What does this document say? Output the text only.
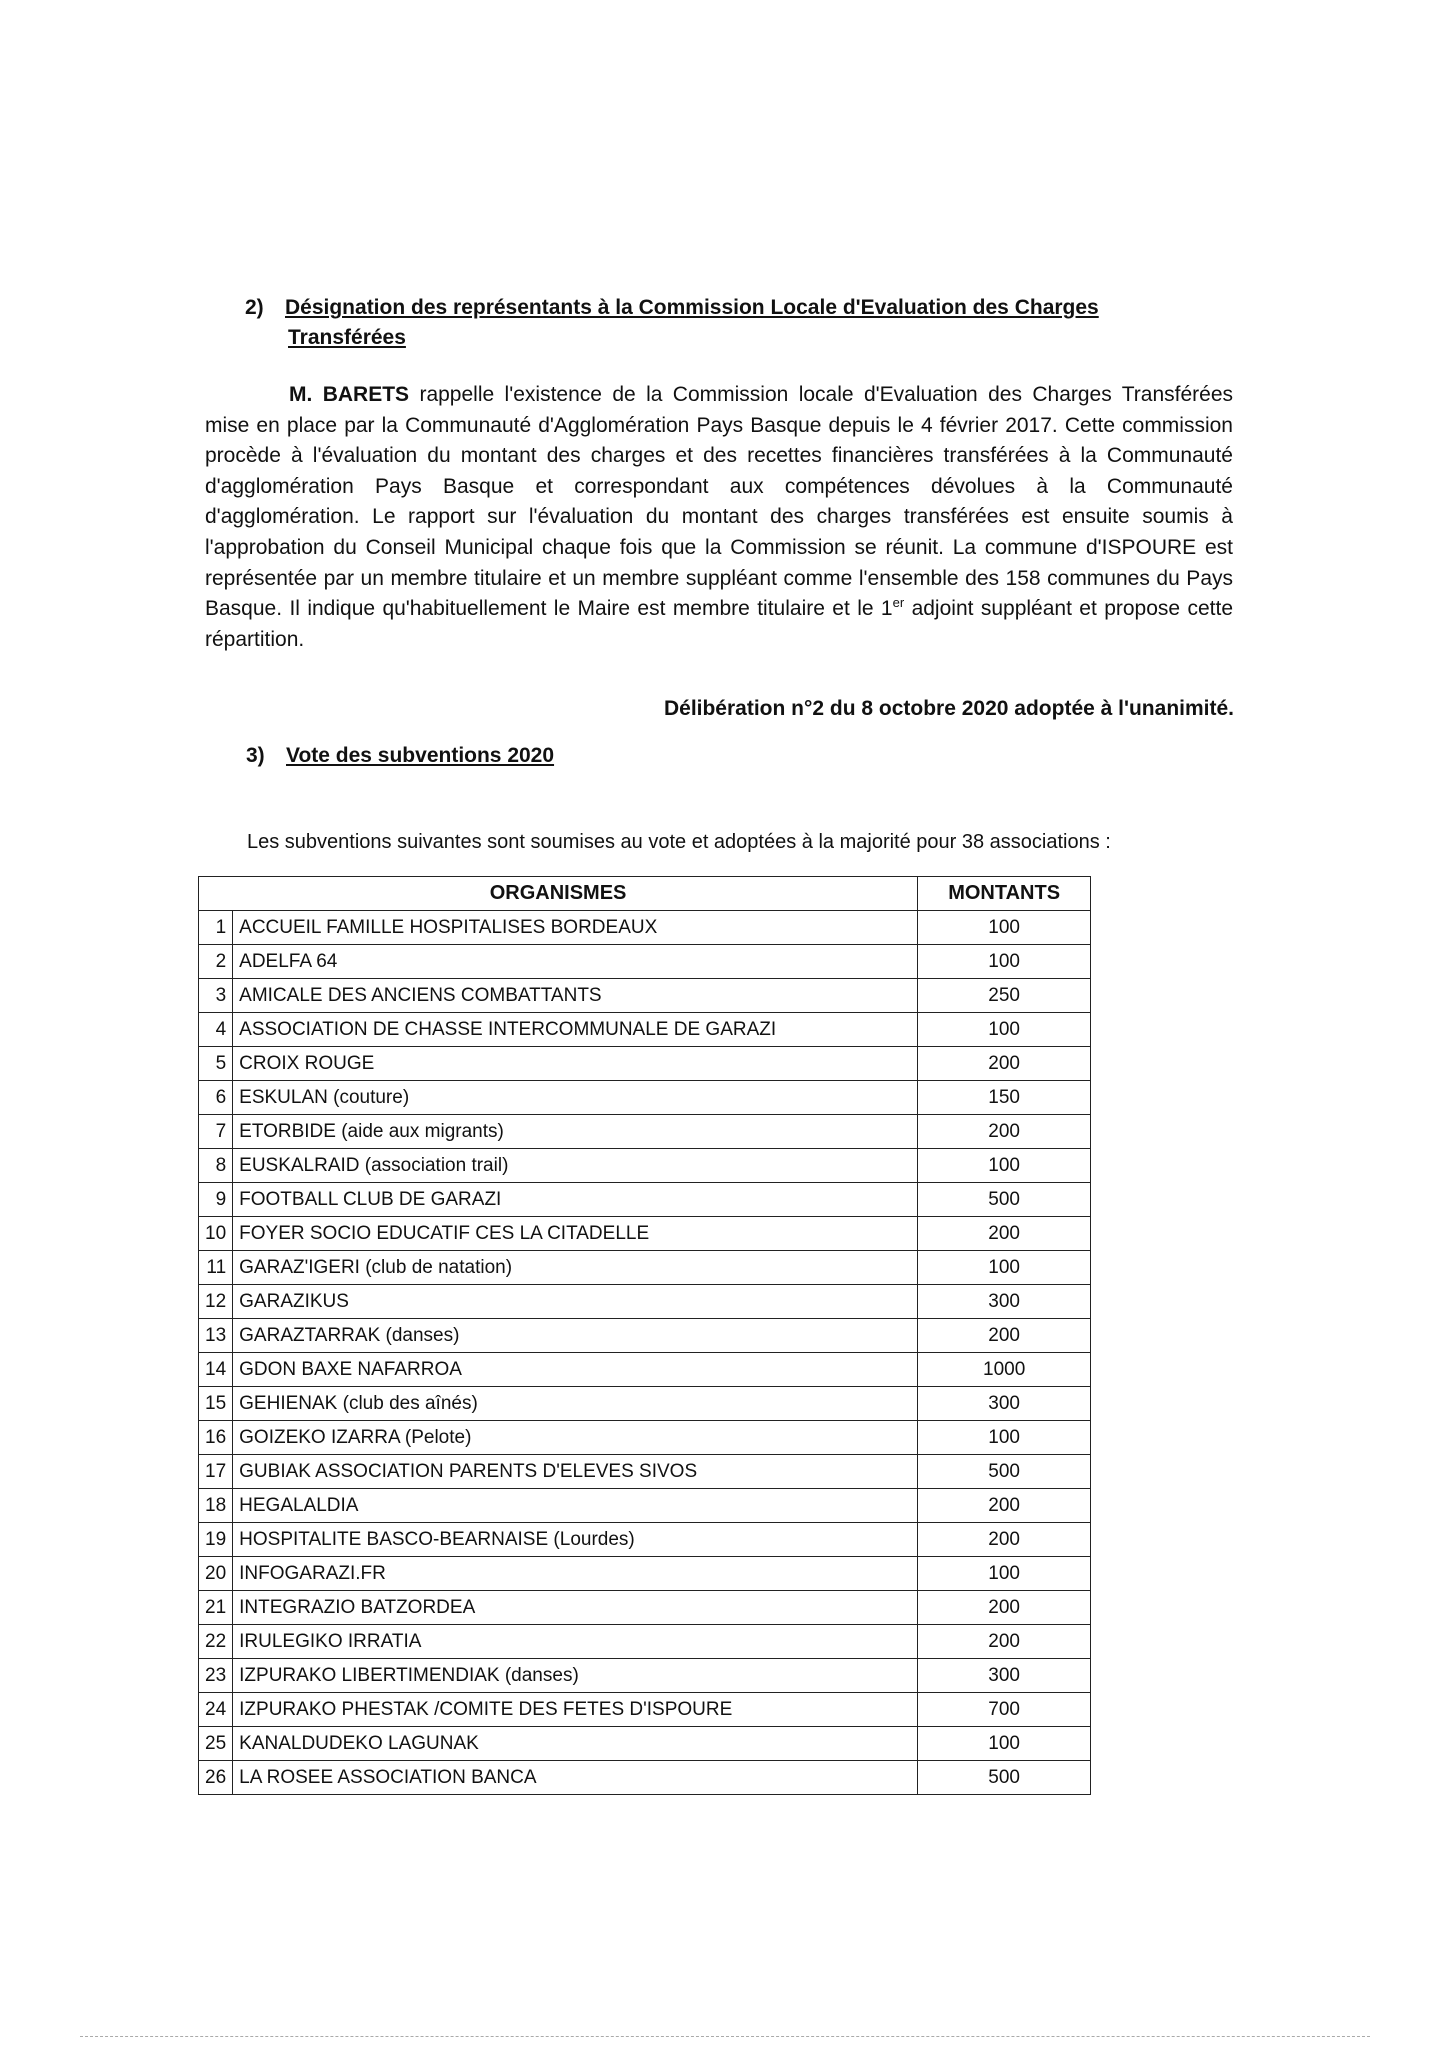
2) Désignation des représentants à la Commission Locale d'Evaluation des Charges
Transférées
M. BARETS rappelle l'existence de la Commission locale d'Evaluation des Charges Transférées mise en place par la Communauté d'Agglomération Pays Basque depuis le 4 février 2017. Cette commission procède à l'évaluation du montant des charges et des recettes financières transférées à la Communauté d'agglomération Pays Basque et correspondant aux compétences dévolues à la Communauté d'agglomération. Le rapport sur l'évaluation du montant des charges transférées est ensuite soumis à l'approbation du Conseil Municipal chaque fois que la Commission se réunit. La commune d'ISPOURE est représentée par un membre titulaire et un membre suppléant comme l'ensemble des 158 communes du Pays Basque. Il indique qu'habituellement le Maire est membre titulaire et le 1er adjoint suppléant et propose cette répartition.
Délibération n°2 du 8 octobre 2020 adoptée à l'unanimité.
3) Vote des subventions 2020
Les subventions suivantes sont soumises au vote et adoptées à la majorité pour 38 associations :
ORGANISMES		MONTANTS
1	ACCUEIL FAMILLE HOSPITALISES BORDEAUX	100
2	ADELFA 64	100
3	AMICALE DES ANCIENS COMBATTANTS	250
4	ASSOCIATION DE CHASSE INTERCOMMUNALE DE GARAZI	100
5	CROIX ROUGE	200
6	ESKULAN (couture)	150
7	ETORBIDE (aide aux migrants)	200
8	EUSKALRAID (association trail)	100
9	FOOTBALL CLUB DE GARAZI	500
10	FOYER SOCIO EDUCATIF CES LA CITADELLE	200
11	GARAZ'IGERI (club de natation)	100
12	GARAZIKUS	300
13	GARAZTARRAK (danses)	200
14	GDON BAXE NAFARROA	1000
15	GEHIENAK (club des aînés)	300
16	GOIZEKO IZARRA (Pelote)	100
17	GUBIAK ASSOCIATION PARENTS D'ELEVES SIVOS	500
18	HEGALALDIA	200
19	HOSPITALITE BASCO-BEARNAISE (Lourdes)	200
20	INFOGARAZI.FR	100
21	INTEGRAZIO BATZORDEA	200
22	IRULEGIKO IRRATIA	200
23	IZPURAKO LIBERTIMENDIAK (danses)	300
24	IZPURAKO PHESTAK /COMITE DES FETES D'ISPOURE	700
25	KANALDUDEKO LAGUNAK	100
26	LA ROSEE ASSOCIATION BANCA	500
